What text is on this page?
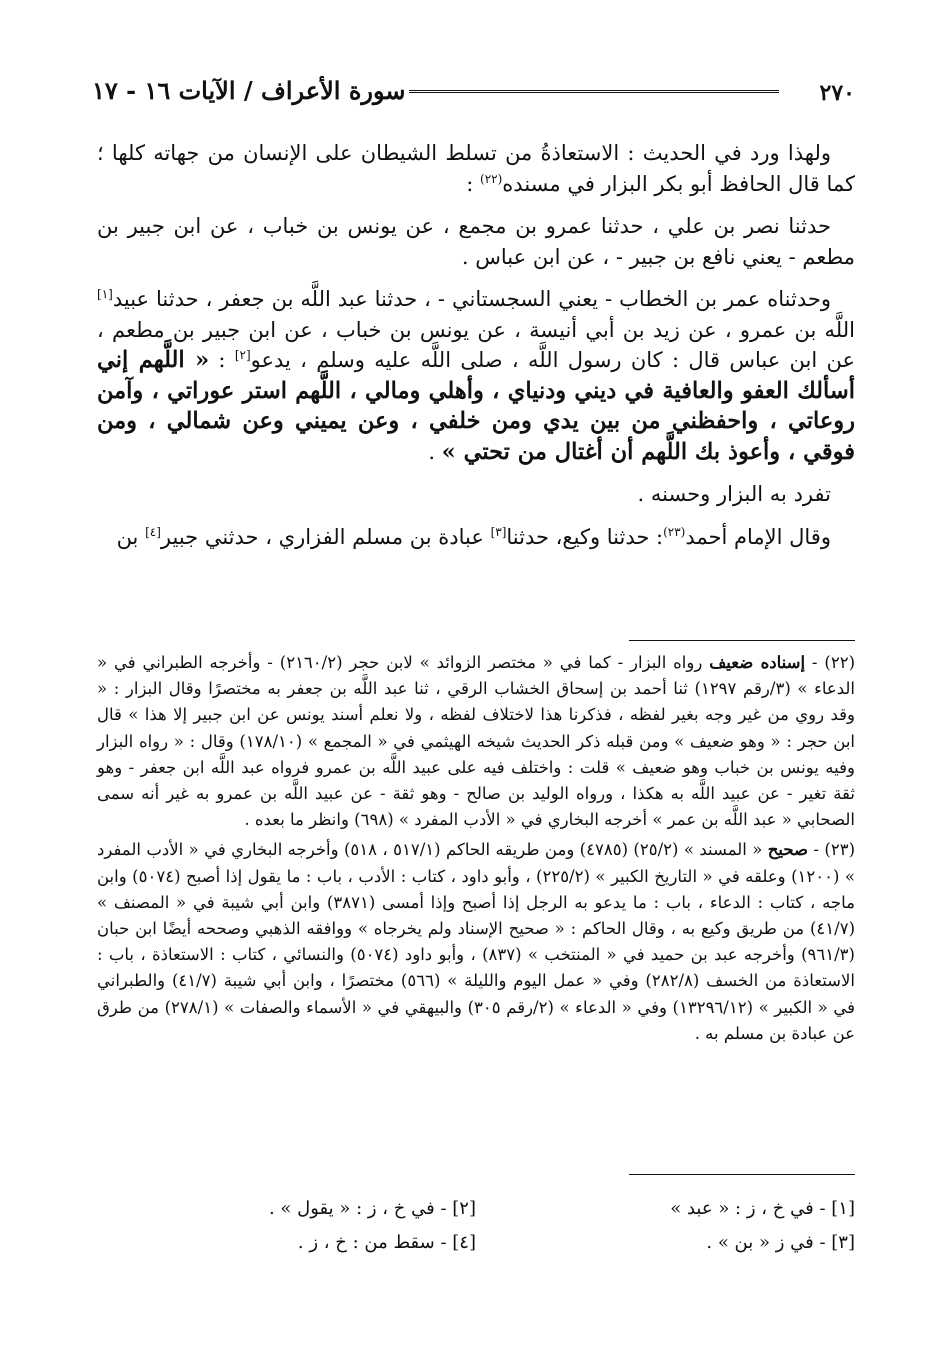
٢٧٠
سورة الأعراف / الآيات ١٦ - ١٧

ولهذا ورد في الحديث : الاستعاذةُ من تسلط الشيطان على الإنسان من جهاته كلها ؛ كما قال الحافظ أبو بكر البزار في مسنده$^{(٢٢)}$ :

حدثنا نصر بن علي ، حدثنا عمرو بن مجمع ، عن يونس بن خباب ، عن ابن جبير بن مطعم - يعني نافع بن جبير - ، عن ابن عباس .

وحدثناه عمر بن الخطاب - يعني السجستاني - ، حدثنا عبد اللَّه بن جعفر ، حدثنا عبيد[١] اللَّه بن عمرو ، عن زيد بن أبي أنيسة ، عن يونس بن خباب ، عن ابن جبير بن مطعم ، عن ابن عباس قال : كان رسول اللَّه ، صلى اللَّه عليه وسلم ، يدعو[٢] : « اللَّهم إني أسألك العفو والعافية في ديني ودنياي ، وأهلي ومالي ، اللَّهم استر عوراتي ، وآمن روعاتي ، واحفظني من بين يدي ومن خلفي ، وعن يميني وعن شمالي ، ومن فوقي ، وأعوذ بك اللَّهم أن أغتال من تحتي » .

تفرد به البزار وحسنه .

وقال الإمام أحمد$^{(٢٣)}$: حدثنا وكيع، حدثنا[٣] عبادة بن مسلم الفزاري ، حدثني جبير[٤] بن

(٢٢) - إسناده ضعيف رواه البزار - كما في « مختصر الزوائد » لابن حجر (٢١٦٠/٢) - وأخرجه الطبراني في « الدعاء » (٣/رقم ١٢٩٧) ثنا أحمد بن إسحاق الخشاب الرقي ، ثنا عبد اللَّه بن جعفر به مختصرًا وقال البزار : « وقد روي من غير وجه بغير لفظه ، فذكرنا هذا لاختلاف لفظه ، ولا نعلم أسند يونس عن ابن جبير إلا هذا » قال ابن حجر : « وهو ضعيف » ومن قبله ذكر الحديث شيخه الهيثمي في « المجمع » (١٧٨/١٠) وقال : « رواه البزار وفيه يونس بن خباب وهو ضعيف » قلت : واختلف فيه على عبيد اللَّه بن عمرو فرواه عبد اللَّه ابن جعفر - وهو ثقة تغير - عن عبيد اللَّه به هكذا ، ورواه الوليد بن صالح - وهو ثقة - عن عبيد اللَّه بن عمرو به غير أنه سمى الصحابي « عبد اللَّه بن عمر » أخرجه البخاري في « الأدب المفرد » (٦٩٨) وانظر ما بعده .

(٢٣) - صحيح « المسند » (٢٥/٢) (٤٧٨٥) ومن طريقه الحاكم (٥١٧/١ ، ٥١٨) وأخرجه البخاري في « الأدب المفرد » (١٢٠٠) وعلقه في « التاريخ الكبير » (٢٢٥/٢) ، وأبو داود ، كتاب : الأدب ، باب : ما يقول إذا أصبح (٥٠٧٤) وابن ماجه ، كتاب : الدعاء ، باب : ما يدعو به الرجل إذا أصبح وإذا أمسى (٣٨٧١) وابن أبي شيبة في « المصنف » (٤١/٧) من طريق وكيع به ، وقال الحاكم : « صحيح الإسناد ولم يخرجاه » ووافقه الذهبي وصححه أيضًا ابن حبان (٩٦١/٣) وأخرجه عبد بن حميد في « المنتخب » (٨٣٧) ، وأبو داود (٥٠٧٤) والنسائي ، كتاب : الاستعاذة ، باب : الاستعاذة من الخسف (٢٨٢/٨) وفي « عمل اليوم والليلة » (٥٦٦) مختصرًا ، وابن أبي شيبة (٤١/٧) والطبراني في « الكبير » (١٣٢٩٦/١٢) وفي « الدعاء » (٢/رقم ٣٠٥) والبيهقي في « الأسماء والصفات » (٢٧٨/١) من طرق عن عبادة بن مسلم به .

[١] - في خ ، ز : « عبد »
[٢] - في خ ، ز : « يقول » .
[٣] - في ز « بن » .
[٤] - سقط من : خ ، ز .
